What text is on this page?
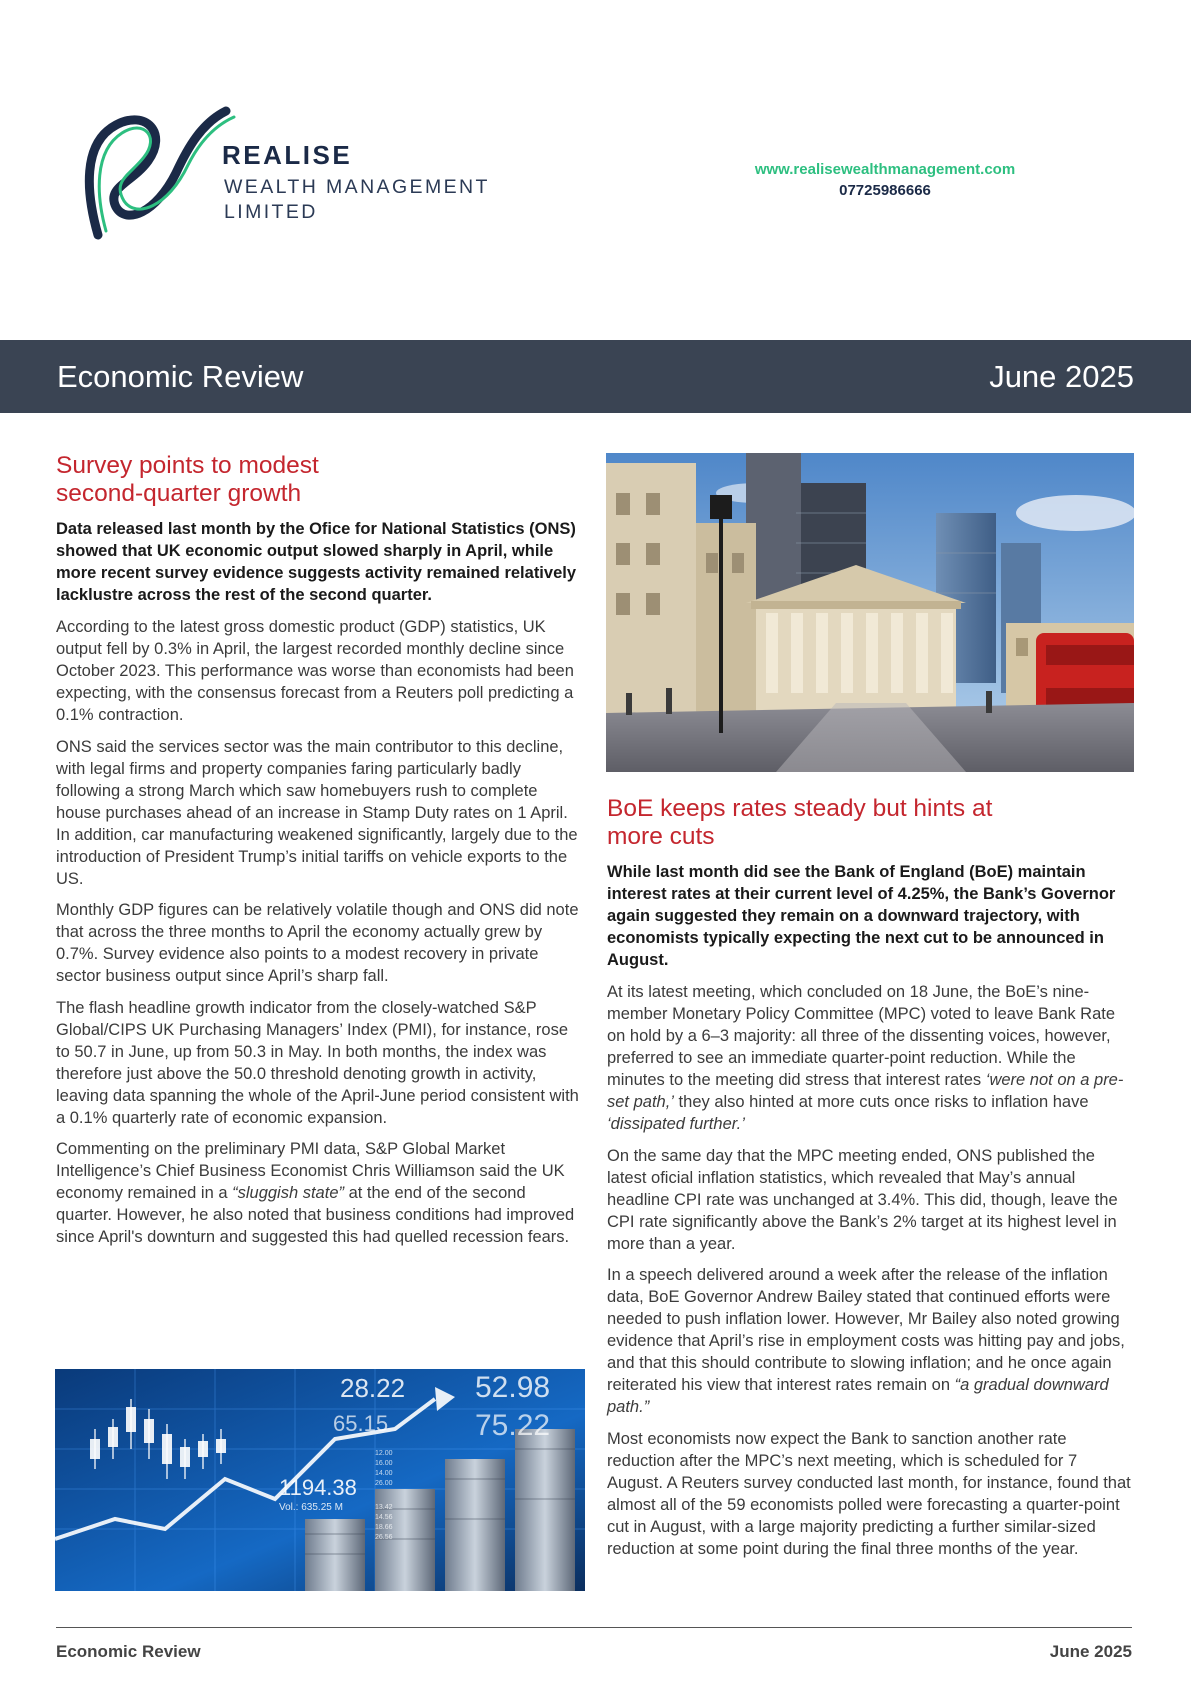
REALISE
WEALTH MANAGEMENT
LIMITED
www.realisewealthmanagement.com
07725986666
Economic Review	June 2025
Survey points to modest
second-quarter growth

Data released last month by the Ofice for National Statistics (ONS) showed that UK economic output slowed sharply in April, while more recent survey evidence suggests activity remained relatively lacklustre across the rest of the second quarter.

According to the latest gross domestic product (GDP) statistics, UK output fell by 0.3% in April, the largest recorded monthly decline since October 2023. This performance was worse than economists had been expecting, with the consensus forecast from a Reuters poll predicting a 0.1% contraction.

ONS said the services sector was the main contributor to this decline, with legal firms and property companies faring particularly badly following a strong March which saw homebuyers rush to complete house purchases ahead of an increase in Stamp Duty rates on 1 April. In addition, car manufacturing weakened significantly, largely due to the introduction of President Trump’s initial tariffs on vehicle exports to the US.

Monthly GDP figures can be relatively volatile though and ONS did note that across the three months to April the economy actually grew by 0.7%. Survey evidence also points to a modest recovery in private sector business output since April’s sharp fall.

The flash headline growth indicator from the closely-watched S&P Global/CIPS UK Purchasing Managers’ Index (PMI), for instance, rose to 50.7 in June, up from 50.3 in May. In both months, the index was therefore just above the 50.0 threshold denoting growth in activity, leaving data spanning the whole of the April-June period consistent with a 0.1% quarterly rate of economic expansion.

Commenting on the preliminary PMI data, S&P Global Market Intelligence’s Chief Business Economist Chris Williamson said the UK economy remained in a “sluggish state” at the end of the second quarter. However, he also noted that business conditions had improved since April's downturn and suggested this had quelled recession fears.

BoE keeps rates steady but hints at
more cuts

While last month did see the Bank of England (BoE) maintain interest rates at their current level of 4.25%, the Bank’s Governor again suggested they remain on a downward trajectory, with economists typically expecting the next cut to be announced in August.

At its latest meeting, which concluded on 18 June, the BoE’s nine-member Monetary Policy Committee (MPC) voted to leave Bank Rate on hold by a 6–3 majority: all three of the dissenting voices, however, preferred to see an immediate quarter-point reduction. While the minutes to the meeting did stress that interest rates ‘were not on a pre-set path,’ they also hinted at more cuts once risks to inflation have ‘dissipated further.’

On the same day that the MPC meeting ended, ONS published the latest oficial inflation statistics, which revealed that May’s annual headline CPI rate was unchanged at 3.4%. This did, though, leave the CPI rate significantly above the Bank’s 2% target at its highest level in more than a year.

In a speech delivered around a week after the release of the inflation data, BoE Governor Andrew Bailey stated that continued efforts were needed to push inflation lower. However, Mr Bailey also noted growing evidence that April’s rise in employment costs was hitting pay and jobs, and that this should contribute to slowing inflation; and he once again reiterated his view that interest rates remain on “a gradual downward path.”

Most economists now expect the Bank to sanction another rate reduction after the MPC’s next meeting, which is scheduled for 7 August. A Reuters survey conducted last month, for instance, found that almost all of the 59 economists polled were forecasting a quarter-point cut in August, with a large majority predicting a further similar-sized reduction at some point during the final three months of the year.

28.22 52.98
65.15	75.22
1194.38
Vol.: 635.25 M
12.00
16.00
14.00
26.00
13.42
14.56
18.66
26.56
Economic Review	June 2025
